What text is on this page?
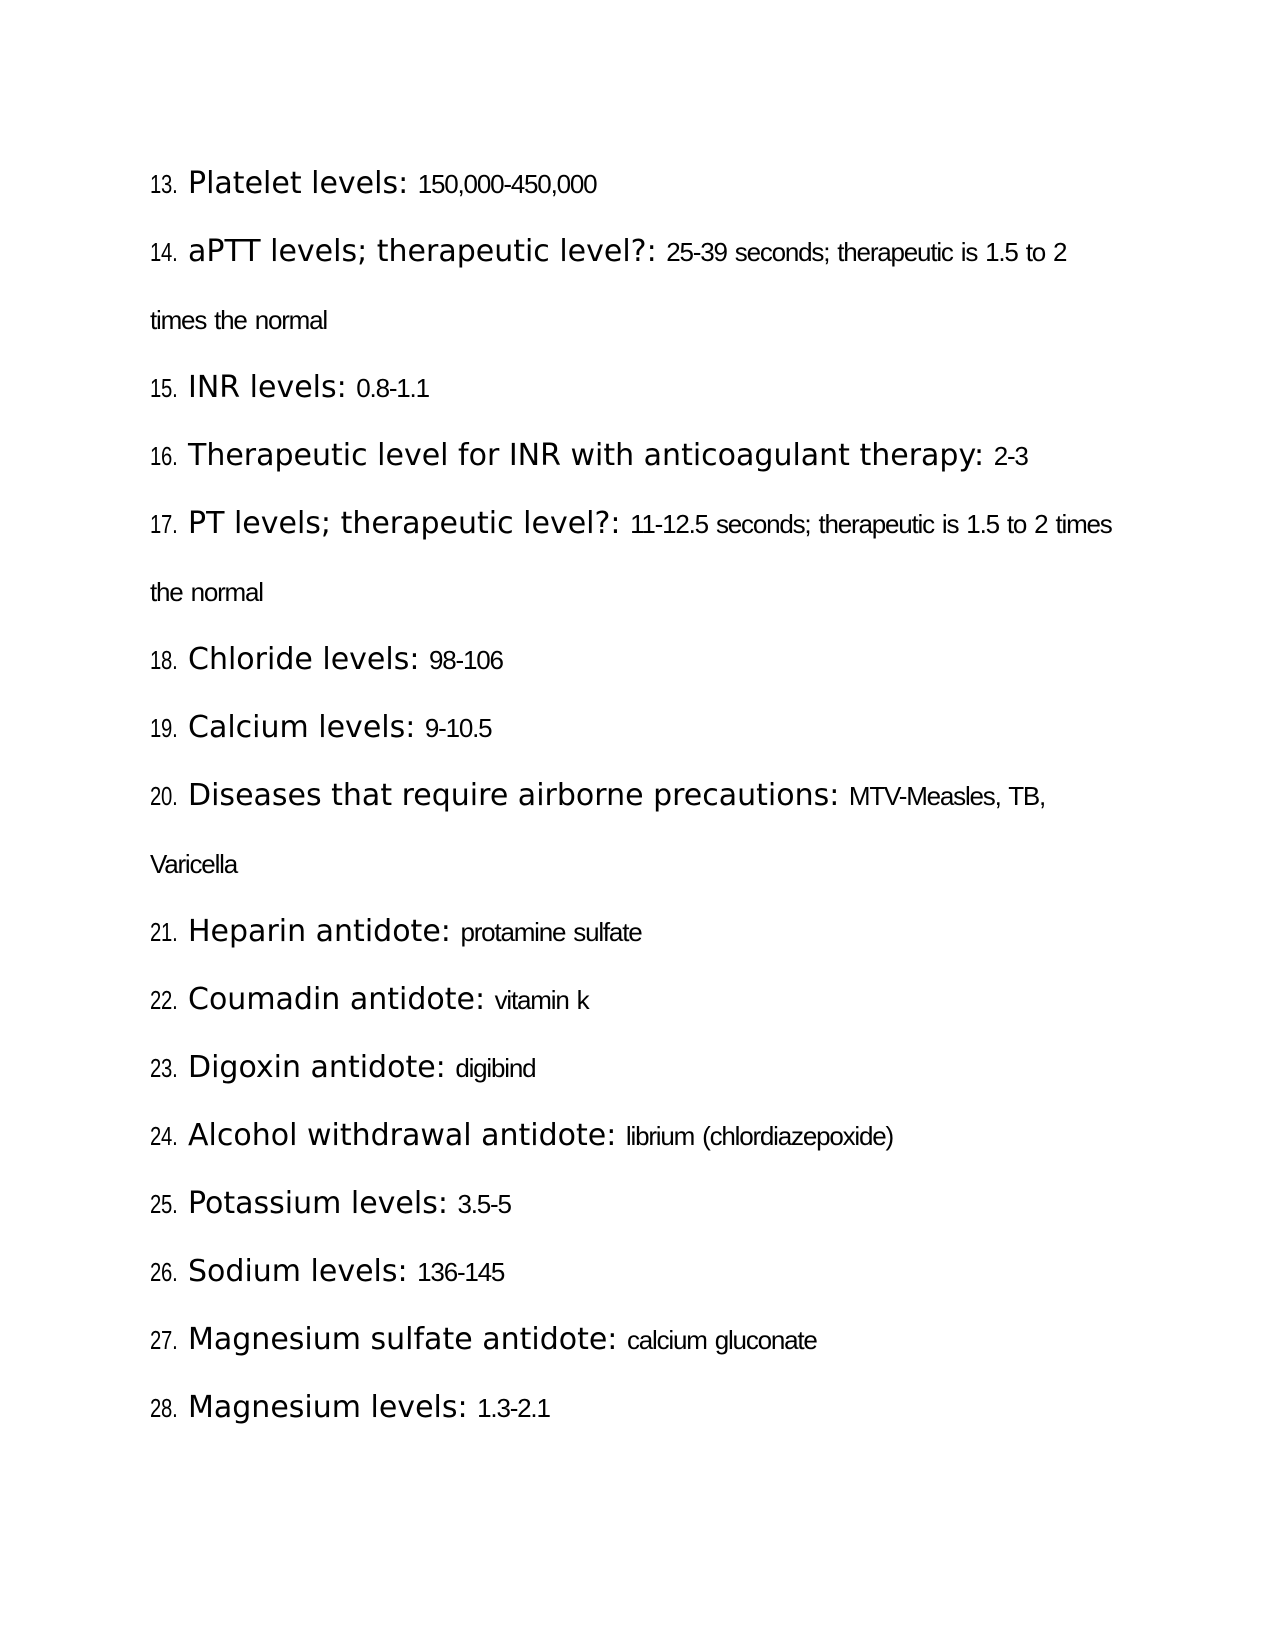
13. Platelet levels: 150,000-450,000
14. aPTT levels; therapeutic level?: 25-39 seconds; therapeutic is 1.5 to 2 times the normal
15. INR levels: 0.8-1.1
16. Therapeutic level for INR with anticoagulant therapy: 2-3
17. PT levels; therapeutic level?: 11-12.5 seconds; therapeutic is 1.5 to 2 times the normal
18. Chloride levels: 98-106
19. Calcium levels: 9-10.5
20. Diseases that require airborne precautions: MTV-Measles, TB, Varicella
21. Heparin antidote: protamine sulfate
22. Coumadin antidote: vitamin k
23. Digoxin antidote: digibind
24. Alcohol withdrawal antidote: librium (chlordiazepoxide)
25. Potassium levels: 3.5-5
26. Sodium levels: 136-145
27. Magnesium sulfate antidote: calcium gluconate
28. Magnesium levels: 1.3-2.1
